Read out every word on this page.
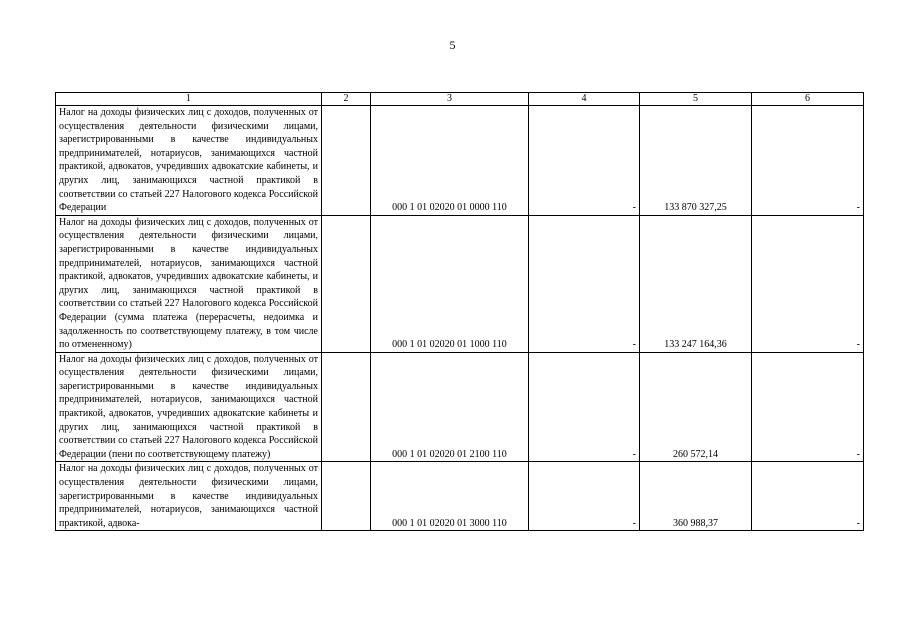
5
1	2	3	4	5	6
Налог на доходы физических лиц с доходов, полученных от осуществления деятельности физическими лицами, зарегистрированными в качестве индивидуальных предпринимателей, нотариусов, занимающихся частной практикой, адвокатов, учредивших адвокатские кабинеты, и других лиц, занимающихся частной практикой в соответствии со статьей 227 Налогового кодекса Российской Федерации		000 1 01 02020 01 0000 110	-	133 870 327,25	-
Налог на доходы физических лиц с доходов, полученных от осуществления деятельности физическими лицами, зарегистрированными в качестве индивидуальных предпринимателей, нотариусов, занимающихся частной практикой, адвокатов, учредивших адвокатские кабинеты, и других лиц, занимающихся частной практикой в соответствии со статьей 227 Налогового кодекса Российской Федерации (сумма платежа (перерасчеты, недоимка и задолженность по соответствующему платежу, в том числе по отмененному)		000 1 01 02020 01 1000 110	-	133 247 164,36	-
Налог на доходы физических лиц с доходов, полученных от осуществления деятельности физическими лицами, зарегистрированными в качестве индивидуальных предпринимателей, нотариусов, занимающихся частной практикой, адвокатов, учредивших адвокатские кабинеты и других лиц, занимающихся частной практикой в соответствии со статьей 227 Налогового кодекса Российской Федерации (пени по соответствующему платежу)		000 1 01 02020 01 2100 110	-	260 572,14	-
Налог на доходы физических лиц с доходов, полученных от осуществления деятельности физическими лицами, зарегистрированными в качестве индивидуальных предпринимателей, нотариусов, занимающихся частной практикой, адвока-		000 1 01 02020 01 3000 110	-	360 988,37	-
